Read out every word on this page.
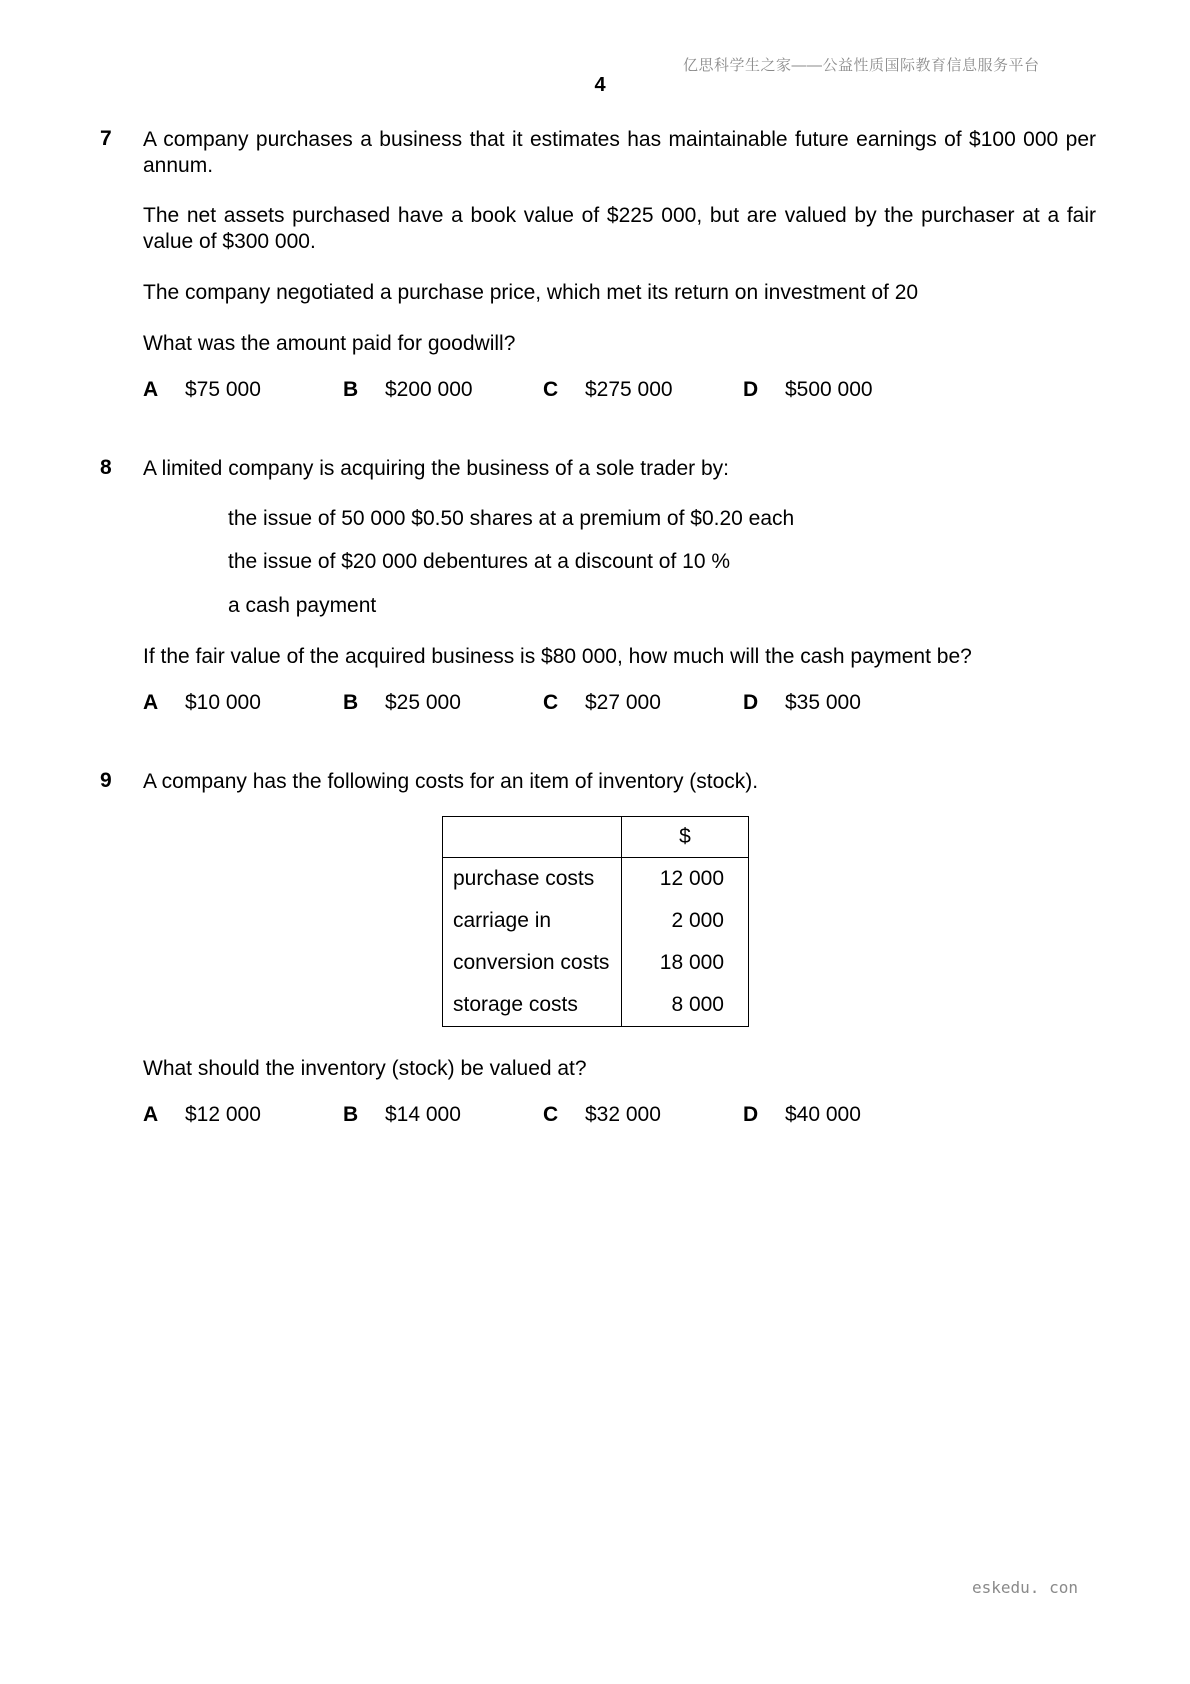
亿思科学生之家——公益性质国际教育信息服务平台
4
7 A company purchases a business that it estimates has maintainable future earnings of $100 000 per annum.
The net assets purchased have a book value of $225 000, but are valued by the purchaser at a fair value of $300 000.
The company negotiated a purchase price, which met its return on investment of 20
What was the amount paid for goodwill?
A $75 000	B $200 000	C $275 000	D $500 000
8 A limited company is acquiring the business of a sole trader by:
the issue of 50 000 $0.50 shares at a premium of $0.20 each
the issue of $20 000 debentures at a discount of 10 %
a cash payment
If the fair value of the acquired business is $80 000, how much will the cash payment be?
A $10 000	B $25 000	C $27 000	D $35 000
9 A company has the following costs for an item of inventory (stock).
	$
purchase costs	12 000
carriage in	2 000
conversion costs	18 000
storage costs	8 000
What should the inventory (stock) be valued at?
A $12 000	B $14 000	C $32 000	D $40 000
eskedu. con
